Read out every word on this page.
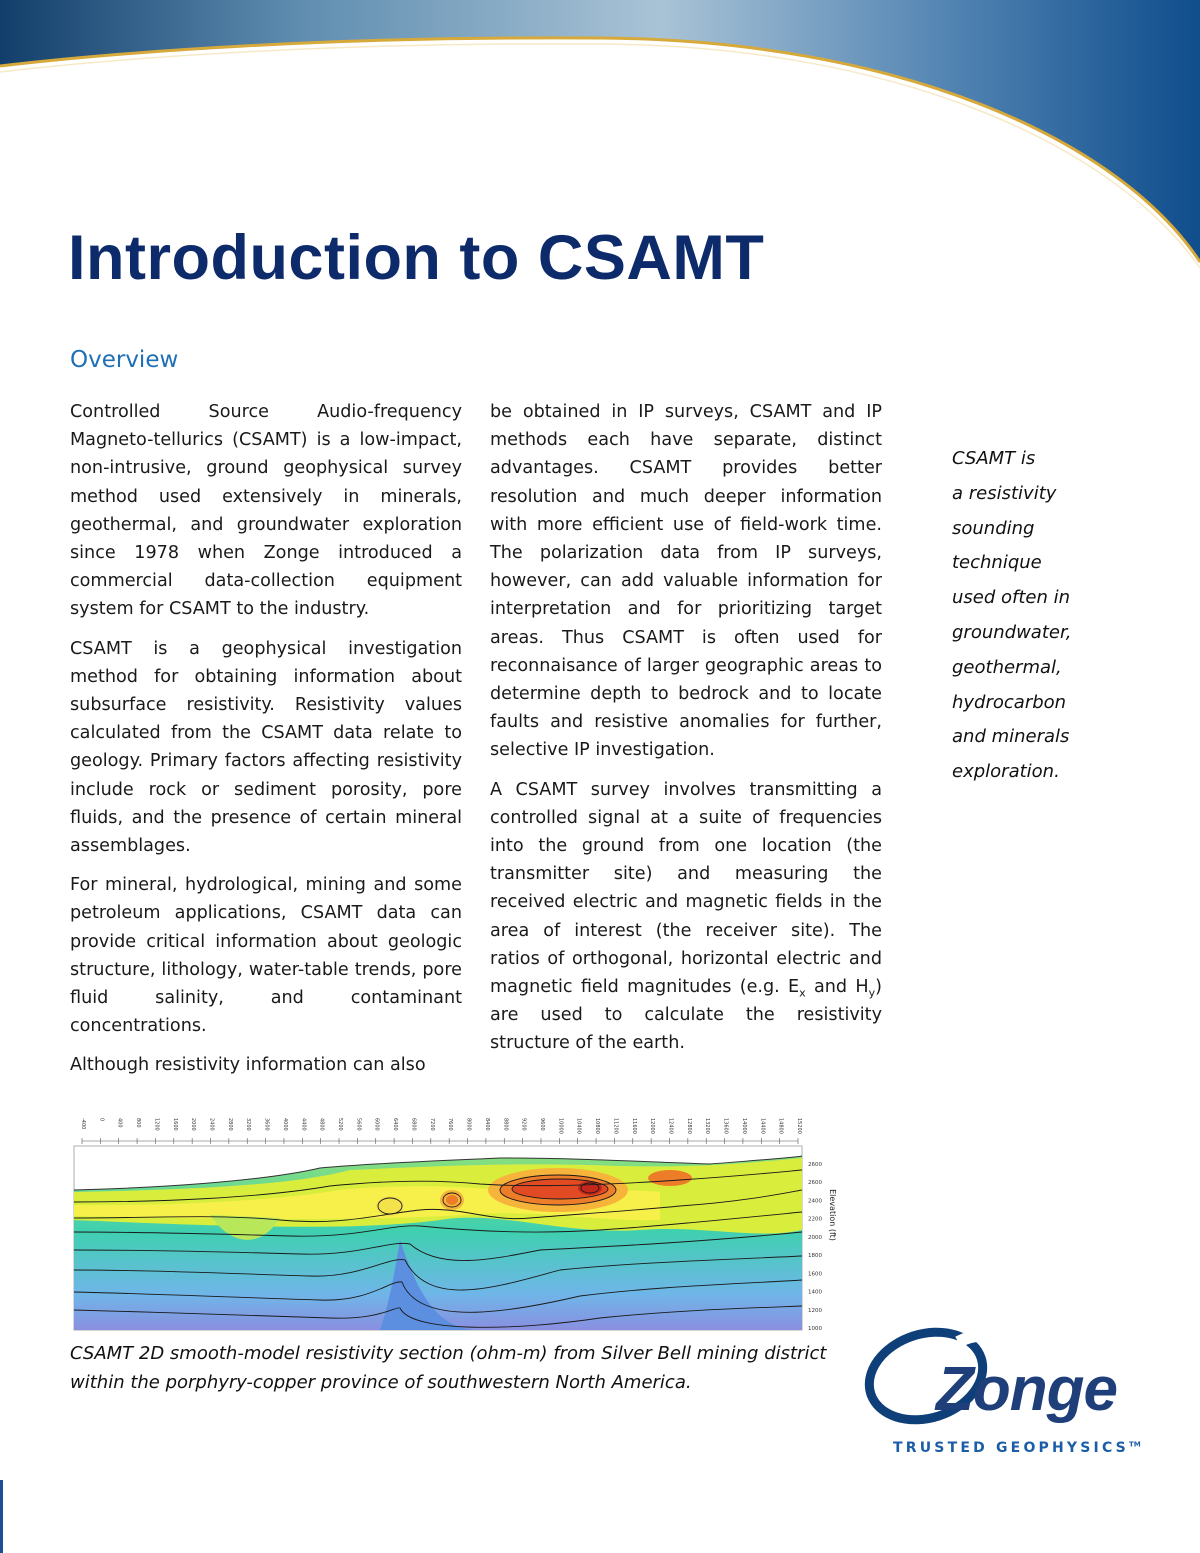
Introduction to CSAMT
Overview

Controlled Source Audio-frequency Magneto-tellurics (CSAMT) is a low-impact, non-intrusive, ground geophysical survey method used extensively in minerals, geothermal, and groundwater exploration since 1978 when Zonge introduced a commercial data-collection equipment system for CSAMT to the industry.

CSAMT is a geophysical investigation method for obtaining information about subsurface resistivity. Resistivity values calculated from the CSAMT data relate to geology. Primary factors affecting resistivity include rock or sediment porosity, pore fluids, and the presence of certain mineral assemblages.

For mineral, hydrological, mining and some petroleum applications, CSAMT data can provide critical information about geologic structure, lithology, water-table trends, pore fluid salinity, and contaminant concentrations.

Although resistivity information can also

be obtained in IP surveys, CSAMT and IP methods each have separate, distinct advantages. CSAMT provides better resolution and much deeper information with more efficient use of field-work time. The polarization data from IP surveys, however, can add valuable information for interpretation and for prioritizing target areas. Thus CSAMT is often used for reconnaisance of larger geographic areas to determine depth to bedrock and to locate faults and resistive anomalies for further, selective IP investigation.

A CSAMT survey involves transmitting a controlled signal at a suite of frequencies into the ground from one location (the transmitter site) and measuring the received electric and magnetic fields in the area of interest (the receiver site). The ratios of orthogonal, horizontal electric and magnetic field magnitudes (e.g. $E_x$ and $H_y$) are used to calculate the resistivity structure of the earth.

CSAMT is
a resistivity
sounding
technique
used often in
groundwater,
geothermal,
hydrocarbon
and minerals
exploration.

-400 0 400 800 1200 1600 2000 2400 2800 3200 3600 4000 4400 4800 5200 5600 6000 6400 6800 7200 7600 8000 8400 8800 9200 9600 10000 10400 10800 11200 11600 12000 12400 12800 13200 13600 14000 14400 14800 15200
2600
2600
2400
2200
2000
1800
1600
1400
1200
1000
Elevation (ft)

CSAMT 2D smooth-model resistivity section (ohm-m) from Silver Bell mining district within the porphyry-copper province of southwestern North America.	Zonge
TRUSTED GEOPHYSICS™
